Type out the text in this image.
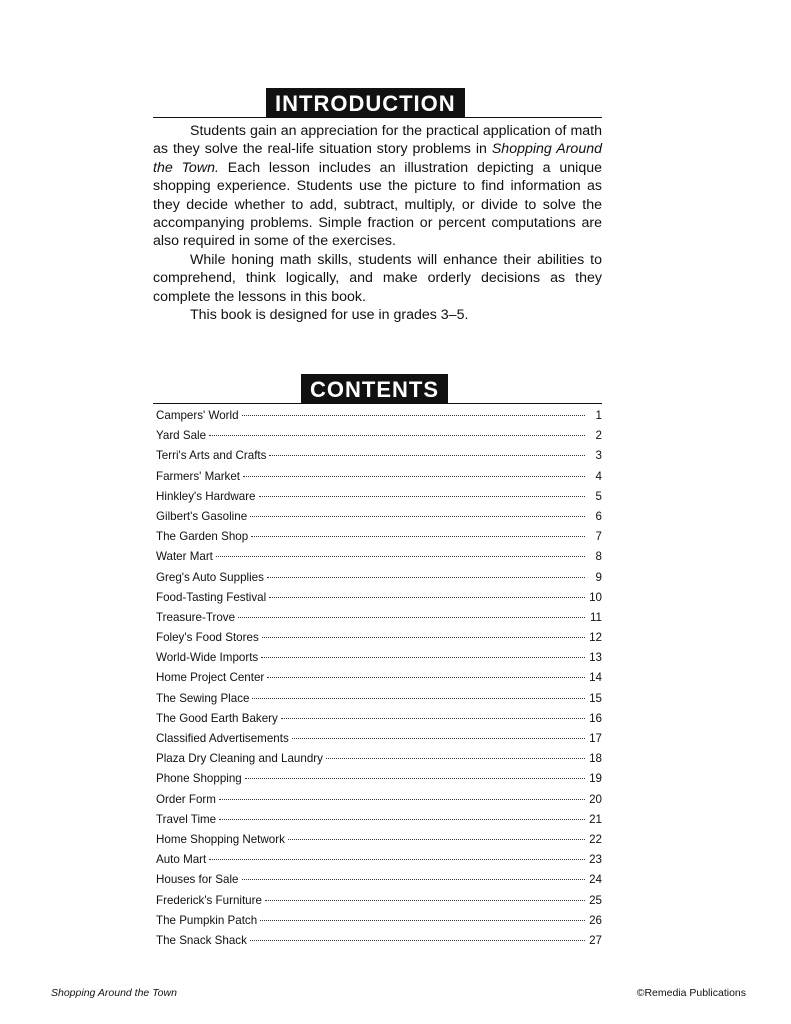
INTRODUCTION

Students gain an appreciation for the practical application of math as they solve the real-life situation story problems in Shopping Around the Town. Each lesson includes an illustration depicting a unique shopping experience. Students use the picture to find information as they decide whether to add, subtract, multiply, or divide to solve the accompanying problems. Simple fraction or percent computations are also required in some of the exercises.

While honing math skills, students will enhance their abilities to comprehend, think logically, and make orderly decisions as they complete the lessons in this book.

This book is designed for use in grades 3–5.

CONTENTS
Campers' World	1
Yard Sale	2
Terri's Arts and Crafts	3
Farmers' Market	4
Hinkley's Hardware	5
Gilbert's Gasoline	6
The Garden Shop	7
Water Mart	8
Greg's Auto Supplies	9
Food-Tasting Festival	10
Treasure-Trove	11
Foley's Food Stores	12
World-Wide Imports	13
Home Project Center	14
The Sewing Place	15
The Good Earth Bakery	16
Classified Advertisements	17
Plaza Dry Cleaning and Laundry	18
Phone Shopping	19
Order Form	20
Travel Time	21
Home Shopping Network	22
Auto Mart	23
Houses for Sale	24
Frederick's Furniture	25
The Pumpkin Patch	26
The Snack Shack	27
Shopping Around the Town	©Remedia Publications
